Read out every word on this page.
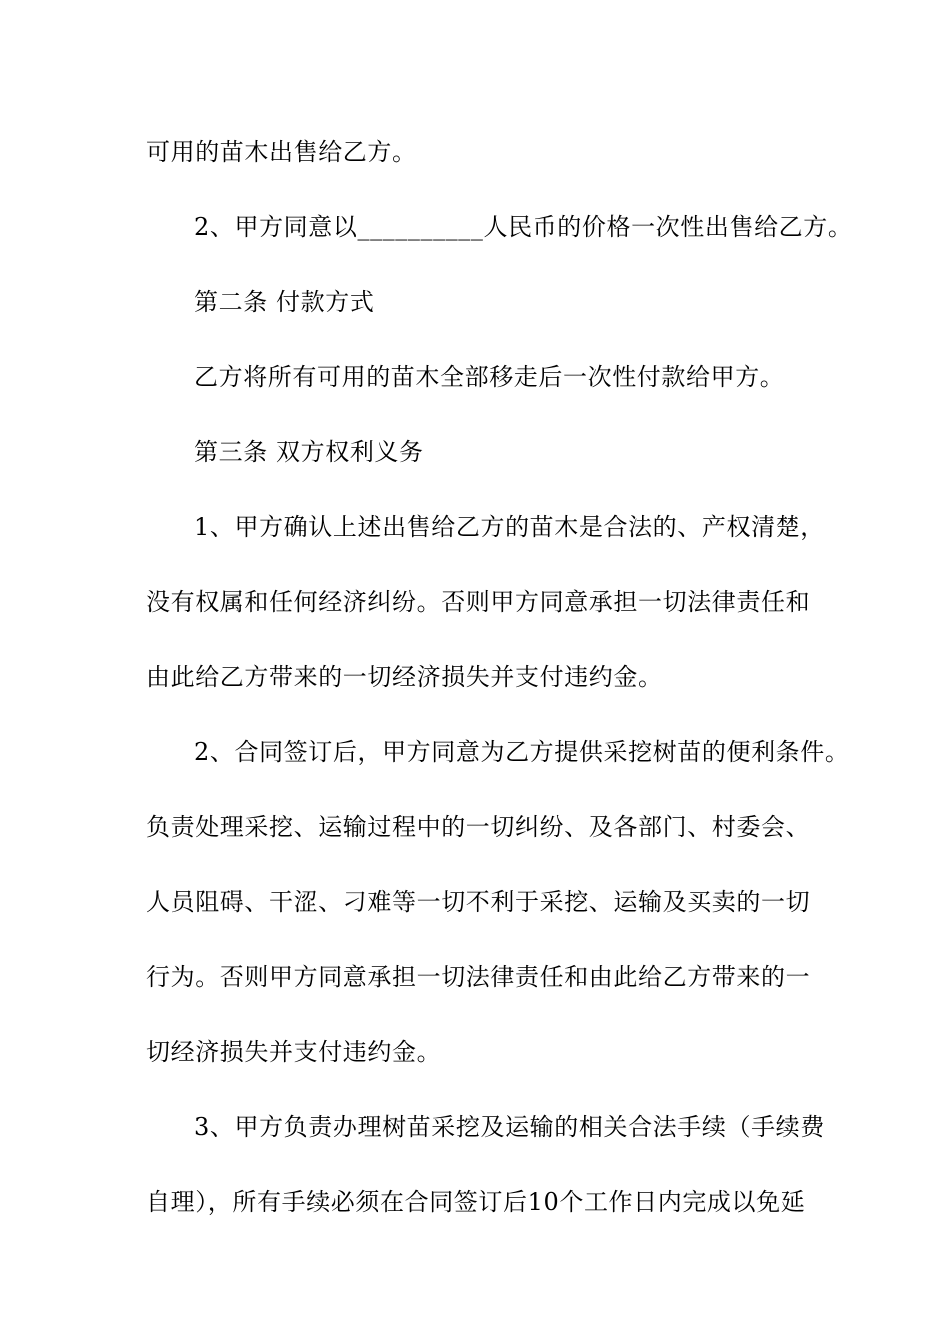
可用的苗木出售给乙方。
2、甲方同意以__________人民币的价格一次性出售给乙方。
第二条 付款方式
乙方将所有可用的苗木全部移走后一次性付款给甲方。
第三条 双方权利义务
1、甲方确认上述出售给乙方的苗木是合法的、产权清楚，
没有权属和任何经济纠纷。否则甲方同意承担一切法律责任和
由此给乙方带来的一切经济损失并支付违约金。
2、合同签订后，甲方同意为乙方提供采挖树苗的便利条件。
负责处理采挖、运输过程中的一切纠纷、及各部门、村委会、
人员阻碍、干涩、刁难等一切不利于采挖、运输及买卖的一切
行为。否则甲方同意承担一切法律责任和由此给乙方带来的一
切经济损失并支付违约金。
3、甲方负责办理树苗采挖及运输的相关合法手续（手续费
自理），所有手续必须在合同签订后10个工作日内完成以免延
